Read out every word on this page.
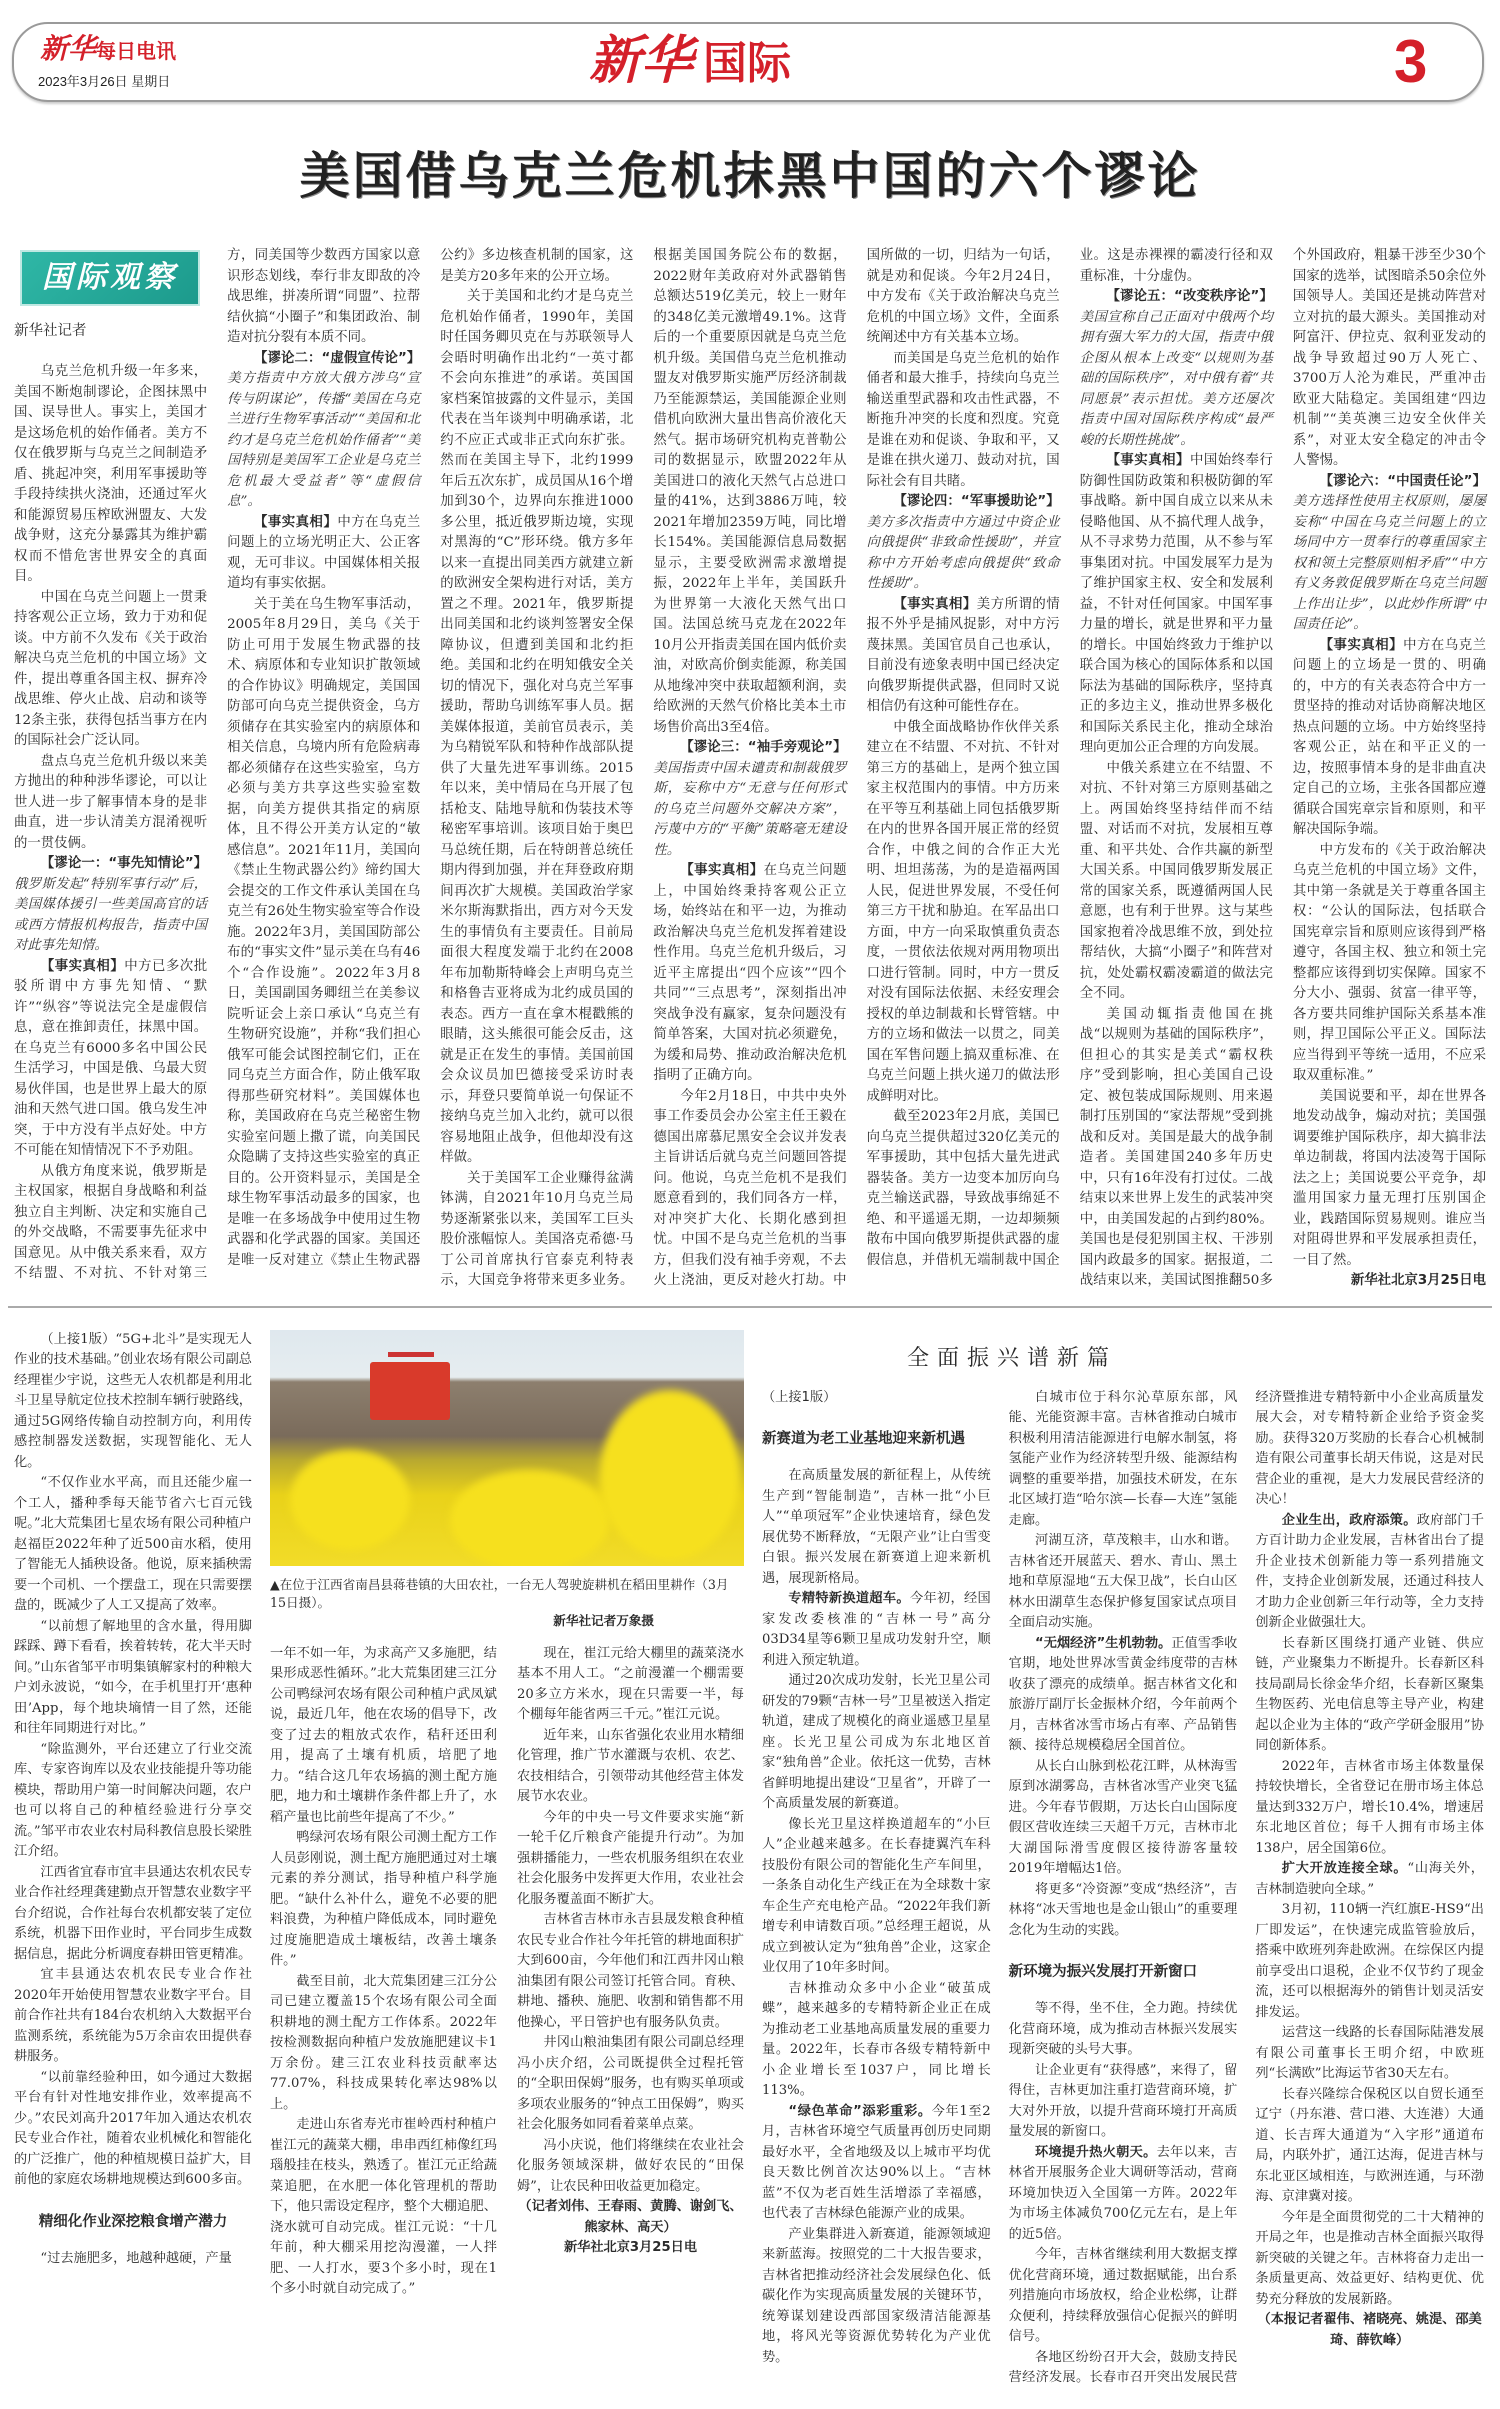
新华每日电讯
2023年3月26日 星期日	新华 国际	3
美国借乌克兰危机抹黑中国的六个谬论
国际观察
新华社记者

乌克兰危机升级一年多来，美国不断炮制谬论，企图抹黑中国、误导世人。事实上，美国才是这场危机的始作俑者。美方不仅在俄罗斯与乌克兰之间制造矛盾、挑起冲突，利用军事援助等手段持续拱火浇油，还通过军火和能源贸易压榨欧洲盟友、大发战争财，这充分暴露其为维护霸权而不惜危害世界安全的真面目。

中国在乌克兰问题上一贯秉持客观公正立场，致力于劝和促谈。中方前不久发布《关于政治解决乌克兰危机的中国立场》文件，提出尊重各国主权、摒弃冷战思维、停火止战、启动和谈等12条主张，获得包括当事方在内的国际社会广泛认同。

盘点乌克兰危机升级以来美方抛出的种种涉华谬论，可以让世人进一步了解事情本身的是非曲直，进一步认清美方混淆视听的一贯伎俩。

【谬论一：“事先知情论”】俄罗斯发起“特别军事行动”后，美国媒体援引一些美国高官的话或西方情报机构报告，指责中国对此事先知情。

【事实真相】中方已多次批驳所谓中方事先知情、“默许”“纵容”等说法完全是虚假信息，意在推卸责任，抹黑中国。在乌克兰有6000多名中国公民生活学习，中国是俄、乌最大贸易伙伴国，也是世界上最大的原油和天然气进口国。俄乌发生冲突，于中方没有半点好处。中方不可能在知情情况下不予劝阻。

从俄方角度来说，俄罗斯是主权国家，根据自身战略和利益独立自主判断、决定和实施自己的外交战略，不需要事先征求中国意见。从中俄关系来看，双方不结盟、不对抗、不针对第三方，同美国等少数西方国家以意识形态划线，奉行非友即敌的冷战思维，拼凑所谓“同盟”、拉帮结伙搞“小圈子”和集团政治、制造对抗分裂有本质不同。

【谬论二：“虚假宣传论”】美方指责中方放大俄方涉乌“宣传与阴谋论”，传播“美国在乌克兰进行生物军事活动”“美国和北约才是乌克兰危机始作俑者”“美国特别是美国军工企业是乌克兰危机最大受益者”等“虚假信息”。

【事实真相】中方在乌克兰问题上的立场光明正大、公正客观，无可非议。中国媒体相关报道均有事实依据。

关于美在乌生物军事活动，2005年8月29日，美乌《关于防止可用于发展生物武器的技术、病原体和专业知识扩散领域的合作协议》明确规定，美国国防部可向乌克兰提供资金，乌方须储存在其实验室内的病原体和相关信息，乌境内所有危险病毒都必须储存在这些实验室，乌方必须与美方共享这些实验室数据，向美方提供其指定的病原体，且不得公开美方认定的“敏感信息”。2021年11月，美国向《禁止生物武器公约》缔约国大会提交的工作文件承认美国在乌克兰有26处生物实验室等合作设施。2022年3月，美国国防部公布的“事实文件”显示美在乌有46个“合作设施”。2022年3月8日，美国副国务卿纽兰在美参议院听证会上亲口承认“乌克兰有生物研究设施”，并称“我们担心俄军可能会试图控制它们，正在同乌克兰方面合作，防止俄军取得那些研究材料”。美国媒体也称，美国政府在乌克兰秘密生物实验室问题上撒了谎，向美国民众隐瞒了支持这些实验室的真正目的。公开资料显示，美国是全球生物军事活动最多的国家，也是唯一在多场战争中使用过生物武器和化学武器的国家。美国还是唯一反对建立《禁止生物武器公约》多边核查机制的国家，这是美方20多年来的公开立场。

关于美国和北约才是乌克兰危机始作俑者，1990年，美国时任国务卿贝克在与苏联领导人会晤时明确作出北约“一英寸都不会向东推进”的承诺。英国国家档案馆披露的文件显示，美国代表在当年谈判中明确承诺，北约不应正式或非正式向东扩张。然而在美国主导下，北约1999年后五次东扩，成员国从16个增加到30个，边界向东推进1000多公里，抵近俄罗斯边境，实现对黑海的“C”形环绕。俄方多年以来一直提出同美西方就建立新的欧洲安全架构进行对话，美方置之不理。2021年，俄罗斯提出同美国和北约谈判签署安全保障协议，但遭到美国和北约拒绝。美国和北约在明知俄安全关切的情况下，强化对乌克兰军事援助，帮助乌训练军事人员。据美媒体报道，美前官员表示，美为乌精锐军队和特种作战部队提供了大量先进军事训练。2015年以来，美中情局在乌开展了包括枪支、陆地导航和伪装技术等秘密军事培训。该项目始于奥巴马总统任期，后在特朗普总统任期内得到加强，并在拜登政府期间再次扩大规模。美国政治学家米尔斯海默指出，西方对今天发生的事情负有主要责任。目前局面很大程度发端于北约在2008年布加勒斯特峰会上声明乌克兰和格鲁吉亚将成为北约成员国的表态。西方一直在拿木棍戳熊的眼睛，这头熊很可能会反击，这就是正在发生的事情。美国前国会众议员加巴德接受采访时表示，拜登只要简单说一句保证不接纳乌克兰加入北约，就可以很容易地阻止战争，但他却没有这样做。

关于美国军工企业赚得盆满钵满，自2021年10月乌克兰局势逐渐紧张以来，美国军工巨头股价涨幅惊人。美国洛克希德·马丁公司首席执行官泰克利特表示，大国竞争将带来更多业务。根据美国国务院公布的数据，2022财年美政府对外武器销售总额达519亿美元，较上一财年的348亿美元激增49.1%。这背后的一个重要原因就是乌克兰危机升级。美国借乌克兰危机推动盟友对俄罗斯实施严厉经济制裁乃至能源禁运，美国能源企业则借机向欧洲大量出售高价液化天然气。据市场研究机构克普勒公司的数据显示，欧盟2022年从美国进口的液化天然气占总进口量的41%，达到3886万吨，较2021年增加2359万吨，同比增长154%。美国能源信息局数据显示，主要受欧洲需求激增提振，2022年上半年，美国跃升为世界第一大液化天然气出口国。法国总统马克龙在2022年10月公开指责美国在国内低价卖油，对欧高价倒卖能源，称美国从地缘冲突中获取超额利润，卖给欧洲的天然气价格比美本土市场售价高出3至4倍。

【谬论三：“袖手旁观论”】美国指责中国未谴责和制裁俄罗斯，妄称中方“无意与任何形式的乌克兰问题外交解决方案”，污蔑中方的“平衡”策略毫无建设性。

【事实真相】在乌克兰问题上，中国始终秉持客观公正立场，始终站在和平一边，为推动政治解决乌克兰危机发挥着建设性作用。乌克兰危机升级后，习近平主席提出“四个应该”“四个共同”“三点思考”，深刻指出冲突战争没有赢家，复杂问题没有简单答案，大国对抗必须避免，为缓和局势、推动政治解决危机指明了正确方向。

今年2月18日，中共中央外事工作委员会办公室主任王毅在德国出席慕尼黑安全会议并发表主旨讲话后就乌克兰问题回答提问。他说，乌克兰危机不是我们愿意看到的，我们同各方一样，对冲突扩大化、长期化感到担忧。中国不是乌克兰危机的当事方，但我们没有袖手旁观，不去火上浇油，更反对趁火打劫。中国所做的一切，归结为一句话，就是劝和促谈。今年2月24日，中方发布《关于政治解决乌克兰危机的中国立场》文件，全面系统阐述中方有关基本立场。

而美国是乌克兰危机的始作俑者和最大推手，持续向乌克兰输送重型武器和攻击性武器，不断拖升冲突的长度和烈度。究竟是谁在劝和促谈、争取和平，又是谁在拱火递刀、鼓动对抗，国际社会有目共睹。

【谬论四：“军事援助论”】美方多次指责中方通过中资企业向俄提供“非致命性援助”，并宣称中方开始考虑向俄提供“致命性援助”。

【事实真相】美方所谓的情报不外乎是捕风捉影，对中方污蔑抹黑。美国官员自己也承认，目前没有迹象表明中国已经决定向俄罗斯提供武器，但同时又说相信仍有这种可能性存在。

中俄全面战略协作伙伴关系建立在不结盟、不对抗、不针对第三方的基础上，是两个独立国家主权范围内的事情。中方历来在平等互利基础上同包括俄罗斯在内的世界各国开展正常的经贸合作，中俄之间的合作正大光明、坦坦荡荡，为的是造福两国人民，促进世界发展，不受任何第三方干扰和胁迫。在军品出口方面，中方一向采取慎重负责态度，一贯依法依规对两用物项出口进行管制。同时，中方一贯反对没有国际法依据、未经安理会授权的单边制裁和长臂管辖。中方的立场和做法一以贯之，同美国在军售问题上搞双重标准、在乌克兰问题上拱火递刀的做法形成鲜明对比。

截至2023年2月底，美国已向乌克兰提供超过320亿美元的军事援助，其中包括大量先进武器装备。美方一边变本加厉向乌克兰输送武器，导致战事绵延不绝、和平遥遥无期，一边却频频散布中国向俄罗斯提供武器的虚假信息，并借机无端制裁中国企业。这是赤裸裸的霸凌行径和双重标准，十分虚伪。

【谬论五：“改变秩序论”】美国宣称自己正面对中俄两个均拥有强大军力的大国，指责中俄企图从根本上改变“以规则为基础的国际秩序”，对中俄有着“共同愿景”表示担忧。美方还屡次指责中国对国际秩序构成“最严峻的长期性挑战”。

【事实真相】中国始终奉行防御性国防政策和积极防御的军事战略。新中国自成立以来从未侵略他国、从不搞代理人战争，从不寻求势力范围，从不参与军事集团对抗。中国发展军力是为了维护国家主权、安全和发展利益，不针对任何国家。中国军事力量的增长，就是世界和平力量的增长。中国始终致力于维护以联合国为核心的国际体系和以国际法为基础的国际秩序，坚持真正的多边主义，推动世界多极化和国际关系民主化，推动全球治理向更加公正合理的方向发展。

中俄关系建立在不结盟、不对抗、不针对第三方原则基础之上。两国始终坚持结伴而不结盟、对话而不对抗，发展相互尊重、和平共处、合作共赢的新型大国关系。中国同俄罗斯发展正常的国家关系，既遵循两国人民意愿，也有利于世界。这与某些国家抱着冷战思维不放，到处拉帮结伙，大搞“小圈子”和阵营对抗，处处霸权霸凌霸道的做法完全不同。

美国动辄指责他国在挑战“以规则为基础的国际秩序”，但担心的其实是美式“霸权秩序”受到影响，担心美国自己设定、被包装成国际规则、用来遏制打压别国的“家法帮规”受到挑战和反对。美国是最大的战争制造者。美国建国240多年历史中，只有16年没有打过仗。二战结束以来世界上发生的武装冲突中，由美国发起的占到约80%。美国也是侵犯别国主权、干涉别国内政最多的国家。据报道，二战结束以来，美国试图推翻50多个外国政府，粗暴干涉至少30个国家的选举，试图暗杀50余位外国领导人。美国还是挑动阵营对立对抗的最大源头。美国推动对阿富汗、伊拉克、叙利亚发动的战争导致超过90万人死亡、3700万人沦为难民，严重冲击欧亚大陆稳定。美国组建“四边机制”“美英澳三边安全伙伴关系”，对亚太安全稳定的冲击令人警惕。

【谬论六：“中国责任论”】美方选择性使用主权原则，屡屡妄称“中国在乌克兰问题上的立场同中方一贯奉行的尊重国家主权和领土完整原则相矛盾”“中方有义务敦促俄罗斯在乌克兰问题上作出让步”，以此炒作所谓“中国责任论”。

【事实真相】中方在乌克兰问题上的立场是一贯的、明确的，中方的有关表态符合中方一贯坚持的推动对话协商解决地区热点问题的立场。中方始终坚持客观公正，站在和平正义的一边，按照事情本身的是非曲直决定自己的立场，主张各国都应遵循联合国宪章宗旨和原则，和平解决国际争端。

中方发布的《关于政治解决乌克兰危机的中国立场》文件，其中第一条就是关于尊重各国主权：“公认的国际法，包括联合国宪章宗旨和原则应该得到严格遵守，各国主权、独立和领土完整都应该得到切实保障。国家不分大小、强弱、贫富一律平等，各方要共同维护国际关系基本准则，捍卫国际公平正义。国际法应当得到平等统一适用，不应采取双重标准。”

美国说要和平，却在世界各地发动战争，煽动对抗；美国强调要维护国际秩序，却大搞非法单边制裁，将国内法凌驾于国际法之上；美国说要公平竞争，却滥用国家力量无理打压别国企业，践踏国际贸易规则。谁应当对阻碍世界和平发展承担责任，一目了然。

新华社北京3月25日电

（上接1版）“5G+北斗”是实现无人作业的技术基础。”创业农场有限公司副总经理崔少宇说，这些无人农机都是利用北斗卫星导航定位技术控制车辆行驶路线，通过5G网络传输自动控制方向，利用传感控制器发送数据，实现智能化、无人化。

“不仅作业水平高，而且还能少雇一个工人，播种季每天能节省六七百元钱呢。”北大荒集团七星农场有限公司种植户赵福臣2022年种了近500亩水稻，使用了智能无人插秧设备。他说，原来插秧需要一个司机、一个摆盘工，现在只需要摆盘的，既减少了人工又提高了效率。

“以前想了解地里的含水量，得用脚踩踩、蹲下看看，挨着转转，花大半天时间。”山东省邹平市明集镇解家村的种粮大户刘永波说，“如今，在手机里打开‘惠种田’App，每个地块墒情一目了然，还能和往年同期进行对比。”

“除监测外，平台还建立了行业交流库、专家咨询库以及农业技能提升等功能模块，帮助用户第一时间解决问题，农户也可以将自己的种植经验进行分享交流。”邹平市农业农村局科教信息股长梁胜江介绍。

江西省宜春市宜丰县通达农机农民专业合作社经理龚建勤点开智慧农业数字平台介绍说，合作社每台农机都安装了定位系统，机器下田作业时，平台同步生成数据信息，据此分析调度春耕田管更精准。

宜丰县通达农机农民专业合作社2020年开始使用智慧农业数字平台。目前合作社共有184台农机纳入大数据平台监测系统，系统能为5万余亩农田提供春耕服务。

“以前靠经验种田，如今通过大数据平台有针对性地安排作业，效率提高不少。”农民刘高升2017年加入通达农机农民专业合作社，随着农业机械化和智能化的广泛推广，他的种植规模日益扩大，目前他的家庭农场耕地规模达到600多亩。

精细化作业深挖粮食增产潜力

“过去施肥多，地越种越硬，产量

▲在位于江西省南昌县蒋巷镇的大田农社，一台无人驾驶旋耕机在稻田里耕作（3月15日摄）。
新华社记者万象摄

一年不如一年，为求高产又多施肥，结果形成恶性循环。”北大荒集团建三江分公司鸭绿河农场有限公司种植户武凤斌说，最近几年，他在农场的倡导下，改变了过去的粗放式农作，秸秆还田利用，提高了土壤有机质，培肥了地力。“结合这几年农场搞的测土配方施肥，地力和土壤耕作条件都上升了，水稻产量也比前些年提高了不少。”

鸭绿河农场有限公司测土配方工作人员彭刚说，测土配方施肥通过对土壤元素的养分测试，指导种植户科学施肥。“缺什么补什么，避免不必要的肥料浪费，为种植户降低成本，同时避免过度施肥造成土壤板结，改善土壤条件。”

截至目前，北大荒集团建三江分公司已建立覆盖15个农场有限公司全面积耕地的测土配方工作体系。2022年按检测数据向种植户发放施肥建议卡1万余份。建三江农业科技贡献率达77.07%，科技成果转化率达98%以上。

走进山东省寿光市崔岭西村种植户崔江元的蔬菜大棚，串串西红柿像红玛瑙般挂在枝头，熟透了。崔江元正给蔬菜追肥，在水肥一体化管理机的帮助下，他只需设定程序，整个大棚追肥、浇水就可自动完成。崔江元说：“十几年前，种大棚采用挖沟漫灌，一人拌肥、一人打水，要3个多小时，现在1个多小时就自动完成了。”

现在，崔江元给大棚里的蔬菜浇水基本不用人工。“之前漫灌一个棚需要20多立方米水，现在只需要一半，每个棚每年能省两三千元。”崔江元说。

近年来，山东省强化农业用水精细化管理，推广节水灌溉与农机、农艺、农技相结合，引领带动其他经营主体发展节水农业。

今年的中央一号文件要求实施“新一轮千亿斤粮食产能提升行动”。为加强耕播能力，一些农机服务组织在农业社会化服务中发挥更大作用，农业社会化服务覆盖面不断扩大。

吉林省吉林市永吉县晟发粮食种植农民专业合作社今年托管的耕地面积扩大到600亩，今年他们和江西井冈山粮油集团有限公司签订托管合同。育秧、耕地、播秧、施肥、收割和销售都不用他操心，平日管护也有服务队负责。

井冈山粮油集团有限公司副总经理冯小庆介绍，公司既提供全过程托管的“全职田保姆”服务，也有购买单项或多项农业服务的“钟点工田保姆”，购买社会化服务如同看着菜单点菜。

冯小庆说，他们将继续在农业社会化服务领域深耕，做好农民的“田保姆”，让农民种田收益更加稳定。

（记者刘伟、王春雨、黄腾、谢剑飞、熊家林、高天）

新华社北京3月25日电

全面振兴谱新篇

（上接1版）

新赛道为老工业基地迎来新机遇

在高质量发展的新征程上，从传统生产到“智能制造”，吉林一批“小巨人”“单项冠军”企业快速培育，绿色发展优势不断释放，“无限产业”让白雪变白银。振兴发展在新赛道上迎来新机遇，展现新格局。

专精特新换道超车。今年初，经国家发改委核准的“吉林一号”高分03D34星等6颗卫星成功发射升空，顺利进入预定轨道。

通过20次成功发射，长光卫星公司研发的79颗“吉林一号”卫星被送入指定轨道，建成了规模化的商业遥感卫星星座。长光卫星公司成为东北地区首家“独角兽”企业。依托这一优势，吉林省鲜明地提出建设“卫星省”，开辟了一个高质量发展的新赛道。

像长光卫星这样换道超车的“小巨人”企业越来越多。在长春捷翼汽车科技股份有限公司的智能化生产车间里，一条条自动化生产线正在为全球数十家车企生产充电枪产品。“2022年我们新增专利申请数百项。”总经理王超说，从成立到被认定为“独角兽”企业，这家企业仅用了10年多时间。

吉林推动众多中小企业“破茧成蝶”，越来越多的专精特新企业正在成为推动老工业基地高质量发展的重要力量。2022年，长春市各级专精特新中小企业增长至1037户，同比增长113%。

“绿色革命”添彩重彩。今年1至2月，吉林省环境空气质量再创历史同期最好水平，全省地级及以上城市平均优良天数比例首次达90%以上。“吉林蓝”不仅为老百姓生活增添了幸福感，也代表了吉林绿色能源产业的成果。

产业集群进入新赛道，能源领域迎来新蓝海。按照党的二十大报告要求，吉林省把推动经济社会发展绿色化、低碳化作为实现高质量发展的关键环节，统筹谋划建设西部国家级清洁能源基地，将风光等资源优势转化为产业优势。

白城市位于科尔沁草原东部，风能、光能资源丰富。吉林省推动白城市积极利用清洁能源进行电解水制氢，将氢能产业作为经济转型升级、能源结构调整的重要举措，加强技术研发，在东北区域打造“哈尔滨—长春—大连”氢能走廊。

河湖互济，草茂粮丰，山水和谐。吉林省还开展蓝天、碧水、青山、黑土地和草原湿地“五大保卫战”，长白山区林水田湖草生态保护修复国家试点项目全面启动实施。

“无烟经济”生机勃勃。正值雪季收官期，地处世界冰雪黄金纬度带的吉林收获了漂亮的成绩单。据吉林省文化和旅游厅副厅长金振林介绍，今年前两个月，吉林省冰雪市场占有率、产品销售额、接待总规模稳居全国首位。

从长白山脉到松花江畔，从林海雪原到冰湖雾岛，吉林省冰雪产业突飞猛进。今年春节假期，万达长白山国际度假区营收连续三天超千万元，吉林市北大湖国际滑雪度假区接待游客量较2019年增幅达1倍。

将更多“冷资源”变成“热经济”，吉林将“冰天雪地也是金山银山”的重要理念化为生动的实践。

新环境为振兴发展打开新窗口

等不得，坐不住，全力跑。持续优化营商环境，成为推动吉林振兴发展实现新突破的头号大事。

让企业更有“获得感”，来得了，留得住，吉林更加注重打造营商环境，扩大对外开放，以提升营商环境打开高质量发展的新窗口。

环境提升热火朝天。去年以来，吉林省开展服务企业大调研等活动，营商环境加快迈入全国第一方阵。2022年为市场主体减负700亿元左右，是上年的近5倍。

今年，吉林省继续利用大数据支撑优化营商环境，通过数据赋能，出台系列措施向市场放权，给企业松绑，让群众便利，持续释放强信心促振兴的鲜明信号。

各地区纷纷召开大会，鼓励支持民营经济发展。长春市召开突出发展民营经济暨推进专精特新中小企业高质量发展大会，对专精特新企业给予资金奖励。获得320万奖励的长春合心机械制造有限公司董事长胡天伟说，这是对民营企业的重视，是大力发展民营经济的决心！

企业生出，政府添策。政府部门千方百计助力企业发展，吉林省出台了提升企业技术创新能力等一系列措施文件，支持企业创新发展，还通过科技人才助力企业创新三年行动等，全力支持创新企业做强壮大。

长春新区围绕打通产业链、供应链，产业聚集力不断提升。长春新区科技局副局长徐金华介绍，长春新区聚集生物医药、光电信息等主导产业，构建起以企业为主体的“政产学研金服用”协同创新体系。

2022年，吉林省市场主体数量保持较快增长，全省登记在册市场主体总量达到332万户，增长10.4%，增速居东北地区首位；每千人拥有市场主体138户，居全国第6位。

扩大开放连接全球。“山海关外，吉林制造驶向全球。”

3月初，110辆一汽红旗E-HS9“出厂即发运”，在快速完成监管验放后，搭乘中欧班列奔赴欧洲。在综保区内提前享受出口退税，企业不仅节约了现金流，还可以根据海外的销售计划灵活安排发运。

运营这一线路的长春国际陆港发展有限公司董事长王明介绍，中欧班列“长满欧”比海运节省30天左右。

长春兴隆综合保税区以自贸长通至辽宁（丹东港、营口港、大连港）大通道、长吉珲大通道为“入字形”通道布局，内联外扩，通江达海，促进吉林与东北亚区域相连，与欧洲连通，与环渤海、京津冀对接。

今年是全面贯彻党的二十大精神的开局之年，也是推动吉林全面振兴取得新突破的关键之年。吉林将奋力走出一条质量更高、效益更好、结构更优、优势充分释放的发展新路。

（本报记者翟伟、褚晓亮、姚湜、邵美琦、薛钦峰）
